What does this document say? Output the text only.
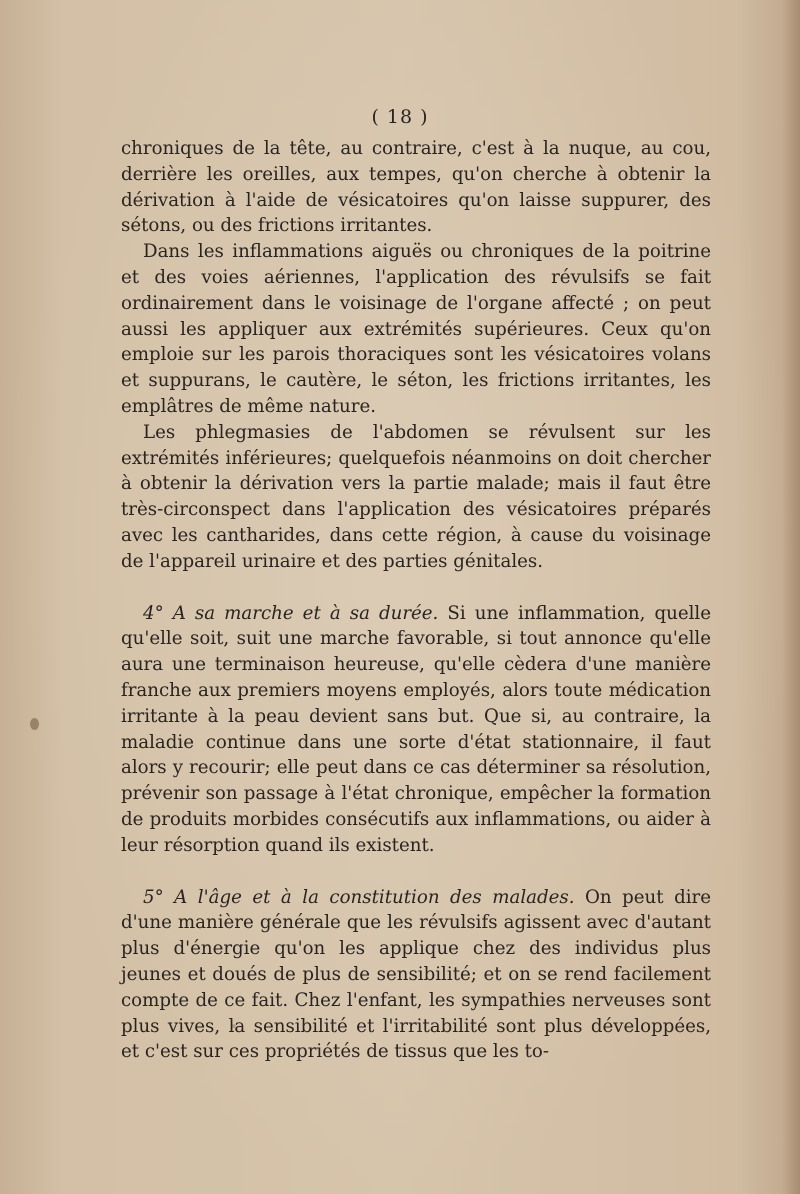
( 18 )

chroniques de la tête, au contraire, c'est à la nuque, au cou, derrière les oreilles, aux tempes, qu'on cherche à obtenir la dérivation à l'aide de vésicatoires qu'on laisse suppurer, des sétons, ou des frictions irritantes.

Dans les inflammations aiguës ou chroniques de la poitrine et des voies aériennes, l'application des révulsifs se fait ordinairement dans le voisinage de l'organe affecté ; on peut aussi les appliquer aux extrémités supérieures. Ceux qu'on emploie sur les parois thoraciques sont les vésicatoires volans et suppurans, le cautère, le séton, les frictions irritantes, les emplâtres de même nature.

Les phlegmasies de l'abdomen se révulsent sur les extrémités inférieures; quelquefois néanmoins on doit chercher à obtenir la dérivation vers la partie malade; mais il faut être très-circonspect dans l'application des vésicatoires préparés avec les cantharides, dans cette région, à cause du voisinage de l'appareil urinaire et des parties génitales.

4° A sa marche et à sa durée. Si une inflammation, quelle qu'elle soit, suit une marche favorable, si tout annonce qu'elle aura une terminaison heureuse, qu'elle cèdera d'une manière franche aux premiers moyens employés, alors toute médication irritante à la peau devient sans but. Que si, au contraire, la maladie continue dans une sorte d'état stationnaire, il faut alors y recourir; elle peut dans ce cas déterminer sa résolution, prévenir son passage à l'état chronique, empêcher la formation de produits morbides consécutifs aux inflammations, ou aider à leur résorption quand ils existent.

5° A l'âge et à la constitution des malades. On peut dire d'une manière générale que les révulsifs agissent avec d'autant plus d'énergie qu'on les applique chez des individus plus jeunes et doués de plus de sensibilité; et on se rend facilement compte de ce fait. Chez l'enfant, les sympathies nerveuses sont plus vives, la sensibilité et l'irritabilité sont plus développées, et c'est sur ces propriétés de tissus que les to-
